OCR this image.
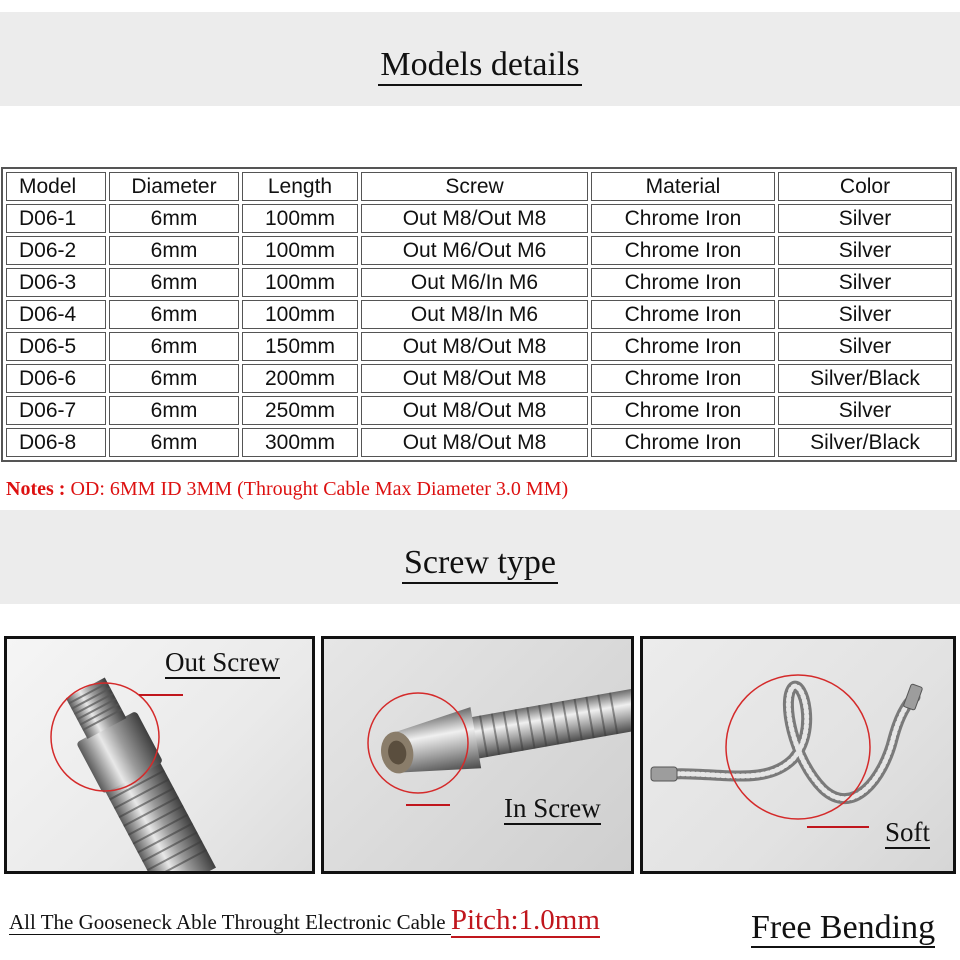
Models details
Model	Diameter	Length	Screw	Material	Color
D06-1	6mm	100mm	Out M8/Out M8	Chrome Iron	Silver
D06-2	6mm	100mm	Out M6/Out M6	Chrome Iron	Silver
D06-3	6mm	100mm	Out M6/In M6	Chrome Iron	Silver
D06-4	6mm	100mm	Out M8/In M6	Chrome Iron	Silver
D06-5	6mm	150mm	Out M8/Out M8	Chrome Iron	Silver
D06-6	6mm	200mm	Out M8/Out M8	Chrome Iron	Silver/Black
D06-7	6mm	250mm	Out M8/Out M8	Chrome Iron	Silver
D06-8	6mm	300mm	Out M8/Out M8	Chrome Iron	Silver/Black
Notes : OD: 6MM ID 3MM (Throught Cable Max Diameter 3.0 MM)
Screw type
Out Screw
In Screw
Soft
All The Gooseneck Able Throught Electronic Cable Pitch:1.0mm	Free Bending
